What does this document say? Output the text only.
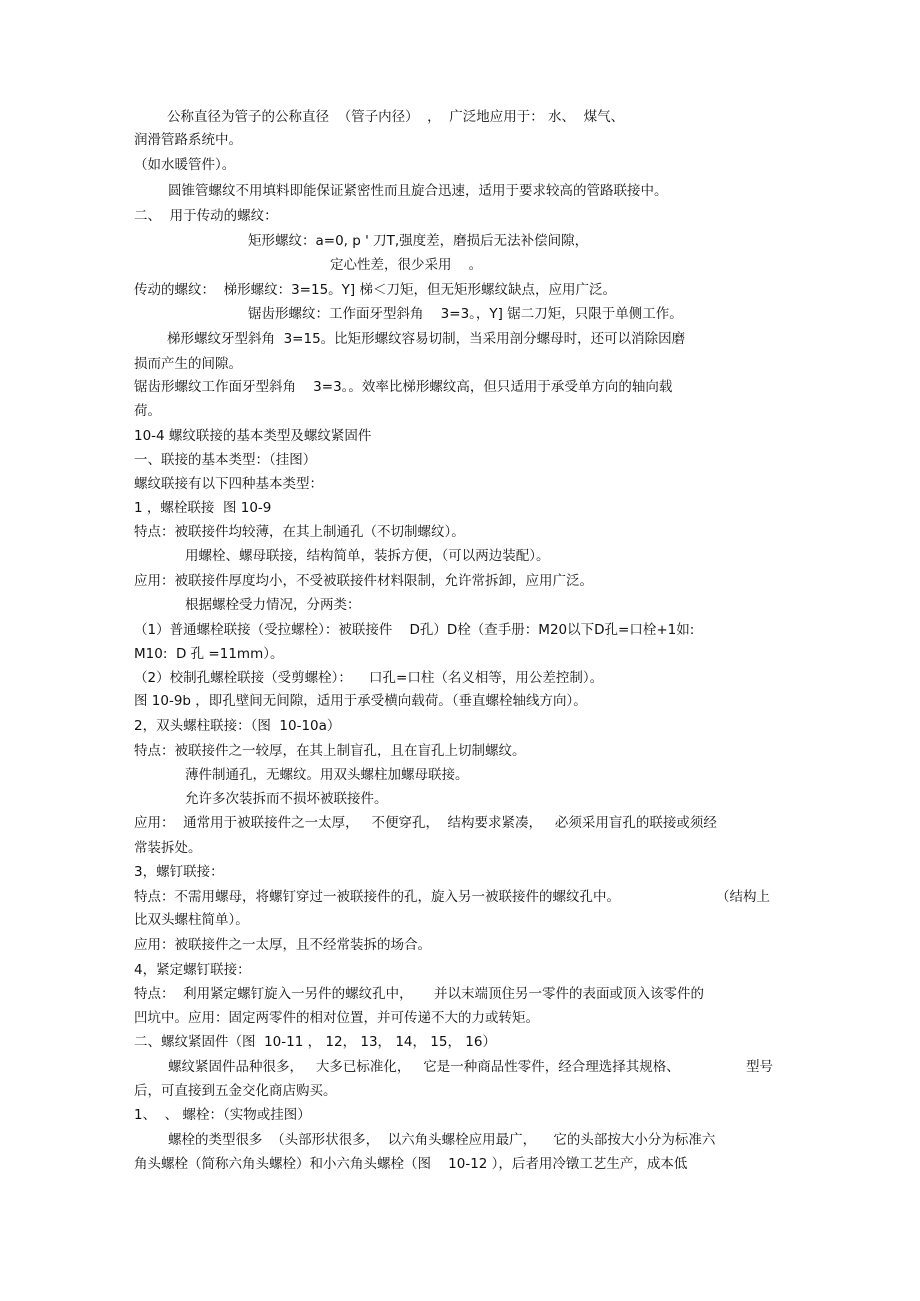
公称直径为管子的公称直径  （管子内径）  ，  广泛地应用于： 水、  煤气、

润滑管路系统中。

（如水暖管件）。

圆锥管螺纹不用填料即能保证紧密性而且旋合迅速，适用于要求较高的管路联接中。

二、  用于传动的螺纹：

矩形螺纹：a=0, p ' 刀T,强度差，磨损后无法补偿间隙，

定心性差，很少采用    。

传动的螺纹：  梯形螺纹：3=15。Y] 梯＜刀矩，但无矩形螺纹缺点，应用广泛。

锯齿形螺纹：工作面牙型斜角    3=3。，Y] 锯二刀矩，只限于单侧工作。

梯形螺纹牙型斜角  3=15。比矩形螺纹容易切制，当采用剖分螺母时，还可以消除因磨

损而产生的间隙。

锯齿形螺纹工作面牙型斜角    3=3。。效率比梯形螺纹高，但只适用于承受单方向的轴向载

荷。

10-4 螺纹联接的基本类型及螺纹紧固件

一、联接的基本类型：（挂图）

螺纹联接有以下四种基本类型：

1 ，螺栓联接  图 10-9

特点：被联接件均较薄，在其上制通孔（不切制螺纹）。

用螺栓、螺母联接，结构简单，装拆方便，（可以两边装配）。

应用：被联接件厚度均小，不受被联接件材料限制，允许常拆卸，应用广泛。

根据螺栓受力情况，分两类：

（1）普通螺栓联接（受拉螺栓）：被联接件    D孔）D栓（查手册：M20以下D孔=口栓+1如:

M10:  D 孔 =11mm）。

（2）校制孔螺栓联接（受剪螺栓）：    口孔=口柱（名义相等，用公差控制）。

图 10-9b ，即孔壁间无间隙，适用于承受横向载荷。（垂直螺栓轴线方向）。

2，双头螺柱联接：（图  10-10a）

特点：被联接件之一较厚，在其上制盲孔，且在盲孔上切制螺纹。

薄件制通孔，无螺纹。用双头螺柱加螺母联接。

允许多次装拆而不损坏被联接件。

应用：  通常用于被联接件之一太厚，   不便穿孔，  结构要求紧凑，   必须采用盲孔的联接或须经

常装拆处。

3，螺钉联接：

特点：不需用螺母，将螺钉穿过一被联接件的孔，旋入另一被联接件的螺纹孔中。	（结构上

比双头螺柱简单）。

应用：被联接件之一太厚，且不经常装拆的场合。

4，紧定螺钉联接：

特点：  利用紧定螺钉旋入一另件的螺纹孔中，     并以末端顶住另一零件的表面或顶入该零件的

凹坑中。应用：固定两零件的相对位置，并可传递不大的力或转矩。

二、螺纹紧固件（图  10-11 ， 12， 13， 14， 15， 16）

螺纹紧固件品种很多，   大多已标准化，   它是一种商品性零件，经合理选择其规格、	型号

后，可直接到五金交化商店购买。

1、  、 螺栓：（实物或挂图）

螺栓的类型很多  （头部形状很多，  以六角头螺栓应用最广，    它的头部按大小分为标准六

角头螺栓（简称六角头螺栓）和小六角头螺栓（图    10-12 ），后者用冷镦工艺生产，成本低
